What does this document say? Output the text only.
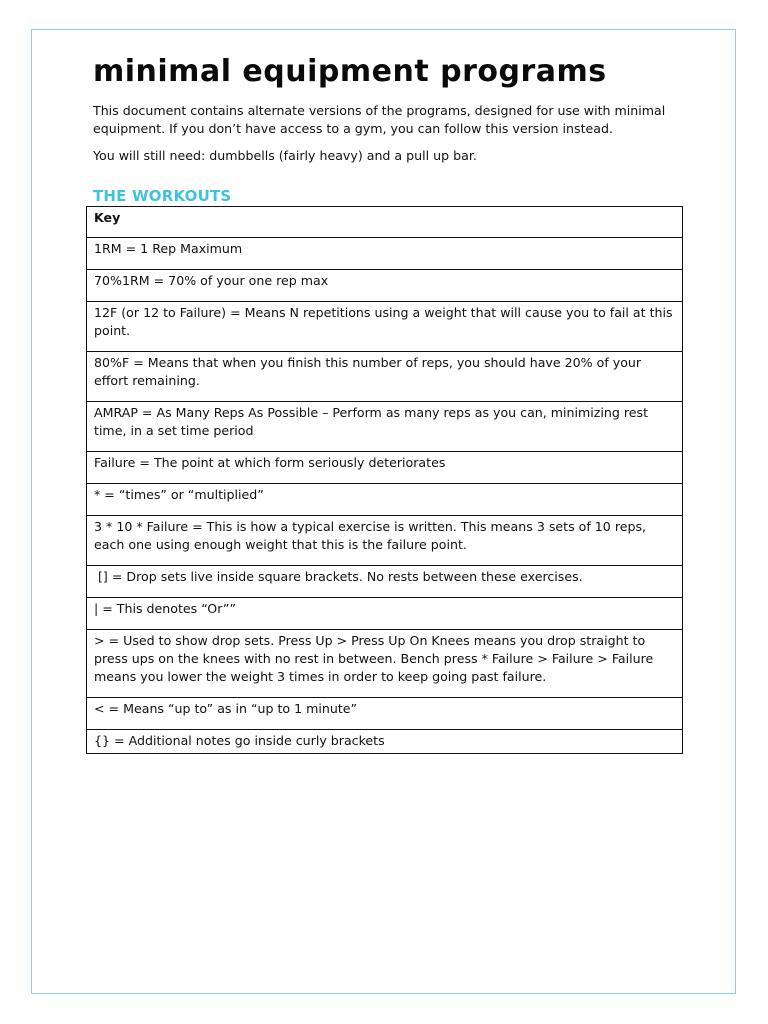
minimal equipment programs

This document contains alternate versions of the programs, designed for use with minimal equipment. If you don’t have access to a gym, you can follow this version instead.

You will still need: dumbbells (fairly heavy) and a pull up bar.

THE WORKOUTS
Key
1RM = 1 Rep Maximum
70%1RM = 70% of your one rep max
12F (or 12 to Failure) = Means N repetitions using a weight that will cause you to fail at this point.
80%F = Means that when you finish this number of reps, you should have 20% of your effort remaining.
AMRAP = As Many Reps As Possible – Perform as many reps as you can, minimizing rest time, in a set time period
Failure = The point at which form seriously deteriorates
* = “times” or “multiplied”
3 * 10 * Failure = This is how a typical exercise is written. This means 3 sets of 10 reps, each one using enough weight that this is the failure point.
[] = Drop sets live inside square brackets. No rests between these exercises.
| = This denotes “Or””
> = Used to show drop sets. Press Up > Press Up On Knees means you drop straight to press ups on the knees with no rest in between. Bench press * Failure > Failure > Failure means you lower the weight 3 times in order to keep going past failure.
< = Means “up to” as in “up to 1 minute”
{} = Additional notes go inside curly brackets
